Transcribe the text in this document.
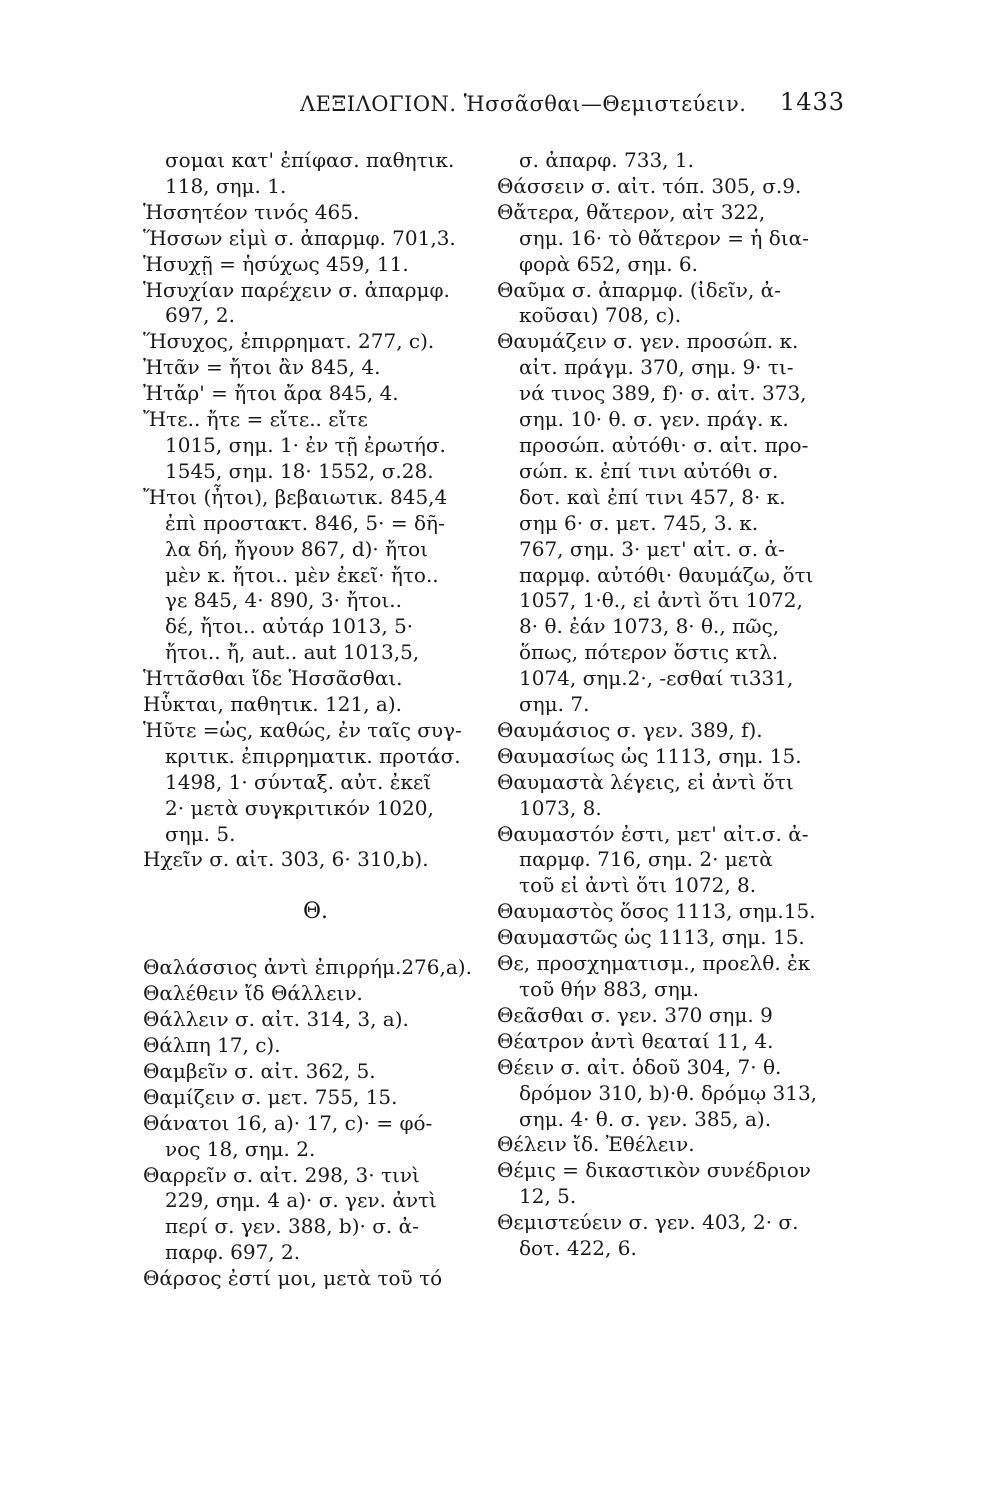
ΛΕΞΙΛΟΓΙΟΝ. Ἡσσᾶσθαι—Θεμιστεύειν. 1433
σομαι κατ' ἐπίφασ. παθητικ.
118, σημ. 1.
Ἡσσητέον τινός 465.
Ἥσσων εἰμὶ σ. ἀπαρμφ. 701,3.
Ἡσυχῇ = ἡσύχως 459, 11.
Ἡσυχίαν παρέχειν σ. ἀπαρμφ.
697, 2.
Ἥσυχος, ἐπιρρηματ. 277, c).
Ἠτᾶν = ἤτοι ἂν 845, 4.
Ἠτἄρ' = ἤτοι ἄρα 845, 4.
Ἤτε.. ἤτε = εἴτε.. εἴτε
1015, σημ. 1· ἐν τῇ ἐρωτήσ.
1545, σημ. 18· 1552, σ.28.
Ἤτοι (ἦτοι), βεβαιωτικ. 845,4
ἐπὶ προστακτ. 846, 5· = δῆ-
λα δή, ἤγουν 867, d)· ἤτοι
μὲν κ. ἤτοι.. μὲν ἐκεῖ· ἤτο..
γε 845, 4· 890, 3· ἤτοι..
δέ, ἤτοι.. αὐτάρ 1013, 5·
ἤτοι.. ἤ, aut.. aut 1013,5,
Ἡττᾶσθαι ἴδε Ἡσσᾶσθαι.
Ηὗκται, παθητικ. 121, a).
Ἡῦτε =ὡς, καθώς, ἐν ταῖς συγ-
κριτικ. ἐπιρρηματικ. προτάσ.
1498, 1· σύνταξ. αὐτ. ἐκεῖ
2· μετὰ συγκριτικόν 1020,
σημ. 5.
Ηχεῖν σ. αἰτ. 303, 6· 310,b).
Θ.
Θαλάσσιος ἀντὶ ἐπιρρήμ.276,a).
Θαλέθειν ἴδ Θάλλειν.
Θάλλειν σ. αἰτ. 314, 3, a).
Θάλπη 17, c).
Θαμβεῖν σ. αἰτ. 362, 5.
Θαμίζειν σ. μετ. 755, 15.
Θάνατοι 16, a)· 17, c)· = φό-
νος 18, σημ. 2.
Θαρρεῖν σ. αἰτ. 298, 3· τινὶ
229, σημ. 4 a)· σ. γεν. ἀντὶ
περί σ. γεν. 388, b)· σ. ἀ-
παρφ. 697, 2.
Θάρσος ἐστί μοι, μετὰ τοῦ τό
σ. ἀπαρφ. 733, 1.
Θάσσειν σ. αἰτ. τόπ. 305, σ.9.
Θἄτερα, θἄτερον, αἰτ 322,
σημ. 16· τὸ θἄτερον = ἡ δια-
φορὰ 652, σημ. 6.
Θαῦμα σ. ἀπαρμφ. (ἰδεῖν, ἀ-
κοῦσαι) 708, c).
Θαυμάζειν σ. γεν. προσώπ. κ.
αἰτ. πράγμ. 370, σημ. 9· τι-
νά τινος 389, f)· σ. αἰτ. 373,
σημ. 10· θ. σ. γεν. πράγ. κ.
προσώπ. αὐτόθι· σ. αἰτ. προ-
σώπ. κ. ἐπί τινι αὐτόθι σ.
δοτ. καὶ ἐπί τινι 457, 8· κ.
σημ 6· σ. μετ. 745, 3. κ.
767, σημ. 3· μετ' αἰτ. σ. ἀ-
παρμφ. αὐτόθι· θαυμάζω, ὅτι
1057, 1·θ., εἰ ἀντὶ ὅτι 1072,
8· θ. ἐάν 1073, 8· θ., πῶς,
ὅπως, πότερον ὅστις κτλ.
1074, σημ.2·, -εσθαί τι331,
σημ. 7.
Θαυμάσιος σ. γεν. 389, f).
Θαυμασίως ὡς 1113, σημ. 15.
Θαυμαστὰ λέγεις, εἰ ἀντὶ ὅτι
1073, 8.
Θαυμαστόν ἐστι, μετ' αἰτ.σ. ἀ-
παρμφ. 716, σημ. 2· μετὰ
τοῦ εἰ ἀντὶ ὅτι 1072, 8.
Θαυμαστὸς ὅσος 1113, σημ.15.
Θαυμαστῶς ὡς 1113, σημ. 15.
Θε, προσχηματισμ., προελθ. ἐκ
τοῦ θήν 883, σημ.
Θεᾶσθαι σ. γεν. 370 σημ. 9
Θέατρον ἀντὶ θεαταί 11, 4.
Θέειν σ. αἰτ. ὁδοῦ 304, 7· θ.
δρόμον 310, b)·θ. δρόμῳ 313,
σημ. 4· θ. σ. γεν. 385, a).
Θέλειν ἴδ. Ἐθέλειν.
Θέμις = δικαστικὸν συνέδριον
12, 5.
Θεμιστεύειν σ. γεν. 403, 2· σ.
δοτ. 422, 6.
